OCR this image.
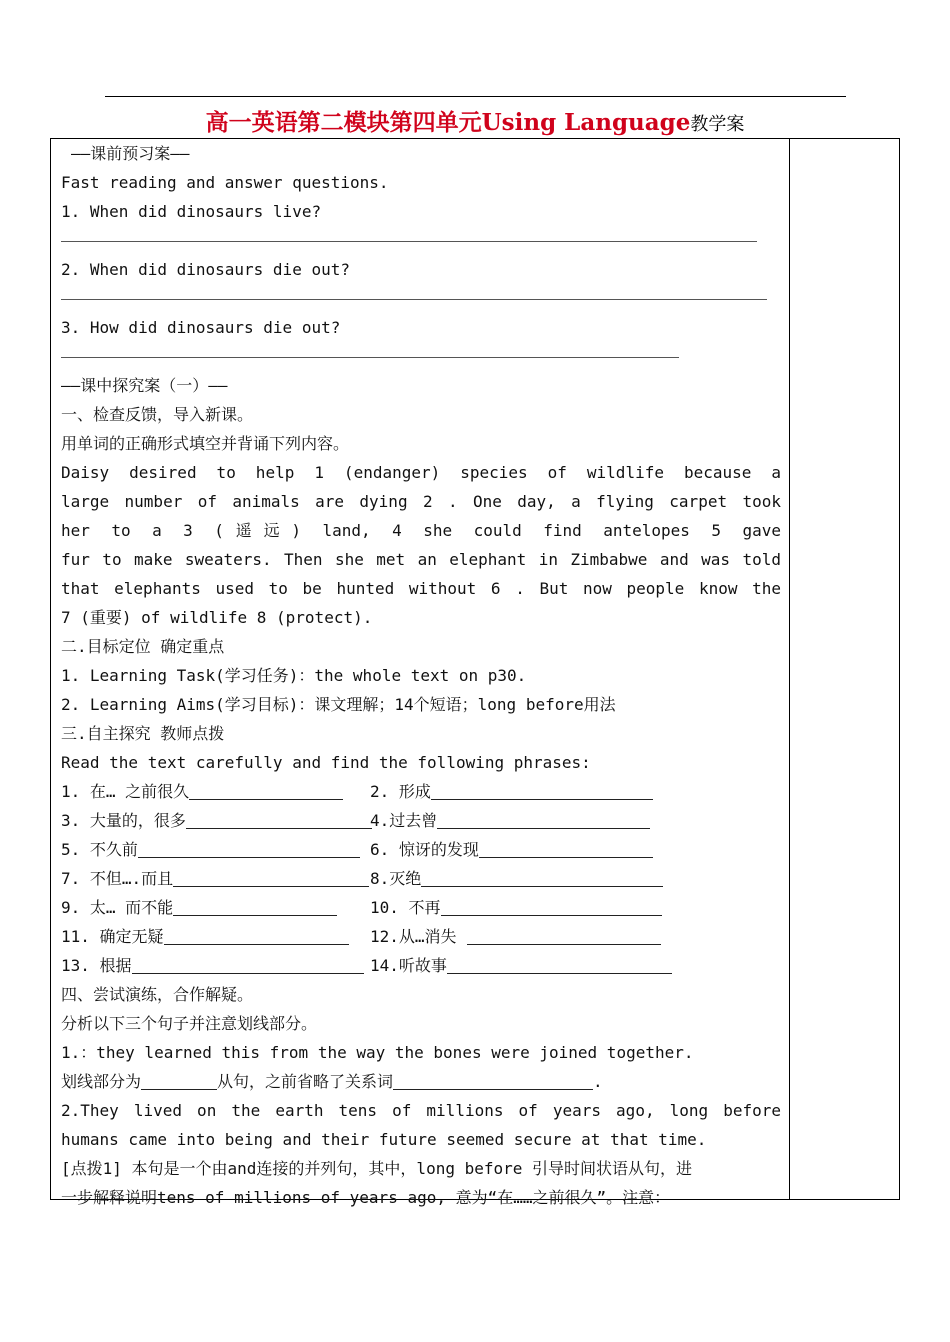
高一英语第二模块第四单元Using Language教学案
——课前预习案——
Fast reading and answer questions.
1. When did dinosaurs live?
2. When did dinosaurs die out?
3. How did dinosaurs die out?
——课中探究案（一）——
一、检查反馈，导入新课。
用单词的正确形式填空并背诵下列内容。
Daisy desired to help 1 (endanger) species of wildlife because a
large number of animals are dying 2 . One day, a flying carpet took
her to a 3 (遥远) land, 4 she could find antelopes 5 gave
fur to make sweaters. Then she met an elephant in Zimbabwe and was told
that elephants used to be hunted without 6 . But now people know the
7 (重要) of wildlife 8 (protect).
二.目标定位 确定重点
1. Learning Task(学习任务)：the whole text on p30.
2. Learning Aims(学习目标)：课文理解；14个短语；long before用法
三.自主探究 教师点拨
Read the text carefully and find the following phrases:
1. 在… 之前很久	2. 形成
3. 大量的，很多	4.过去曾
5. 不久前	6. 惊讶的发现
7. 不但….而且	8.灭绝
9. 太… 而不能	10. 不再
11. 确定无疑	12.从…消失
13. 根据	14.听故事
四、尝试演练，合作解疑。
分析以下三个句子并注意划线部分。
1.：they learned this from the way the bones were joined together.
划线部分为	从句，之前省略了关系词	.
2.They lived on the earth tens of millions of years ago, long before
humans came into being and their future seemed secure at that time.
[点拨1] 本句是一个由and连接的并列句，其中，long before 引导时间状语从句，进
一步解释说明tens of millions of years ago, 意为“在……之前很久”。注意：
